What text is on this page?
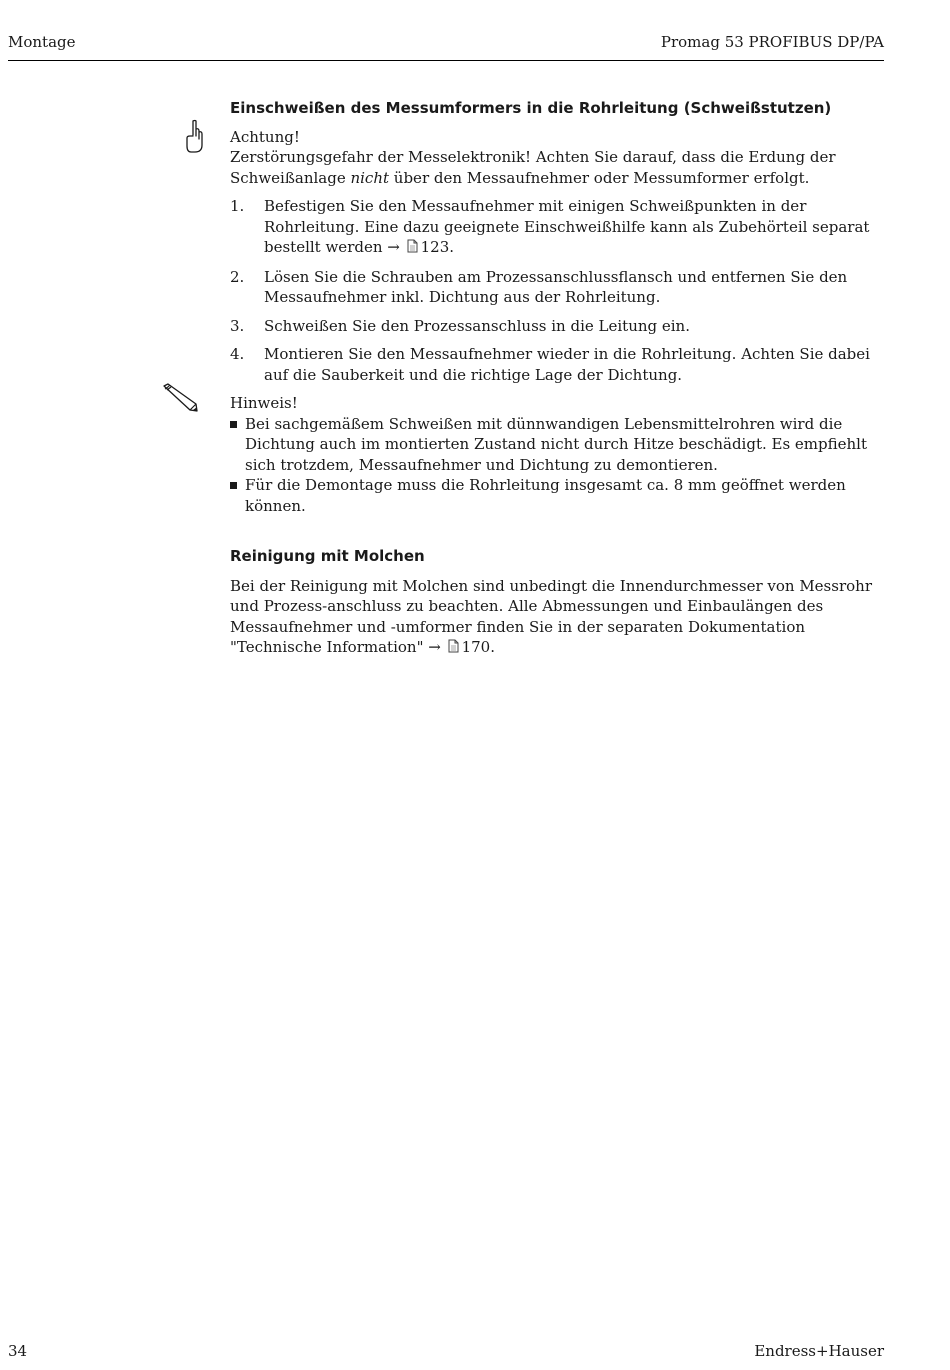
Montage	Promag 53 PROFIBUS DP/PA
Einschweißen des Messumformers in die Rohrleitung (Schweißstutzen)

Achtung!

Zerstörungsgefahr der Messelektronik! Achten Sie darauf, dass die Erdung der Schweißanlage nicht über den Messaufnehmer oder Messumformer erfolgt.

1. Befestigen Sie den Messaufnehmer mit einigen Schweißpunkten in der Rohrleitung. Eine dazu geeignete Einschweißhilfe kann als Zubehörteil separat bestellt werden → 123.
2. Lösen Sie die Schrauben am Prozessanschlussflansch und entfernen Sie den Messaufnehmer inkl. Dichtung aus der Rohrleitung.
3. Schweißen Sie den Prozessanschluss in die Leitung ein.
4. Montieren Sie den Messaufnehmer wieder in die Rohrleitung. Achten Sie dabei auf die Sauberkeit und die richtige Lage der Dichtung.

Hinweis!

Bei sachgemäßem Schweißen mit dünnwandigen Lebensmittelrohren wird die Dichtung auch im montierten Zustand nicht durch Hitze beschädigt. Es empfiehlt sich trotzdem, Messaufnehmer und Dichtung zu demontieren.
Für die Demontage muss die Rohrleitung insgesamt ca. 8 mm geöffnet werden können.
Reinigung mit Molchen

Bei der Reinigung mit Molchen sind unbedingt die Innendurchmesser von Messrohr und Prozess-anschluss zu beachten. Alle Abmessungen und Einbaulängen des Messaufnehmer und -umformer finden Sie in der separaten Dokumentation "Technische Information" → 170.

34	Endress+Hauser
